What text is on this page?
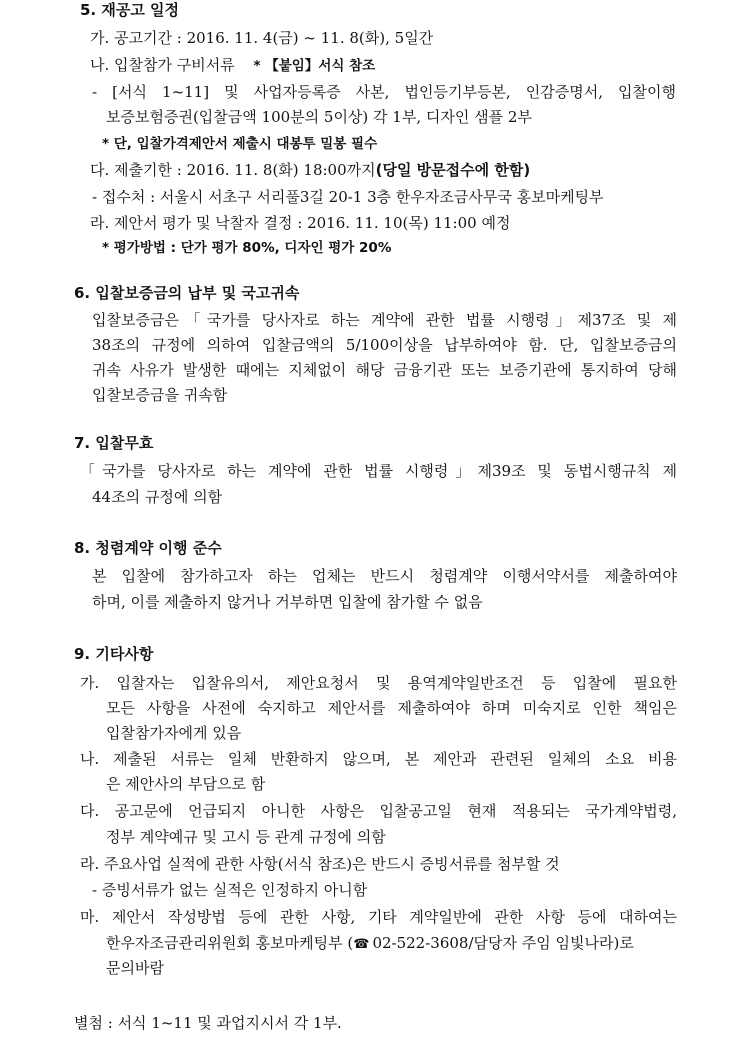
5. 재공고 일정
가. 공고기간 : 2016. 11. 4(금) ~ 11. 8(화), 5일간
나. 입찰참가 구비서류 * 【붙임】서식 참조
- [서식 1~11] 및 사업자등록증 사본, 법인등기부등본, 인감증명서, 입찰이행
보증보험증권(입찰금액 100분의 5이상) 각 1부, 디자인 샘플 2부
* 단, 입찰가격제안서 제출시 대봉투 밀봉 필수
다. 제출기한 : 2016. 11. 8(화) 18:00까지(당일 방문접수에 한함)
- 접수처 : 서울시 서초구 서리풀3길 20-1 3층 한우자조금사무국 홍보마케팅부
라. 제안서 평가 및 낙찰자 결정 : 2016. 11. 10(목) 11:00 예정
* 평가방법 : 단가 평가 80%, 디자인 평가 20%
6. 입찰보증금의 납부 및 국고귀속
입찰보증금은「국가를 당사자로 하는 계약에 관한 법률 시행령」제37조 및 제
38조의 규정에 의하여 입찰금액의 5/100이상을 납부하여야 함. 단, 입찰보증금의
귀속 사유가 발생한 때에는 지체없이 해당 금융기관 또는 보증기관에 통지하여 당해
입찰보증금을 귀속함
7. 입찰무효
「국가를 당사자로 하는 계약에 관한 법률 시행령」제39조 및 동법시행규칙 제
44조의 규정에 의함
8. 청렴계약 이행 준수
본 입찰에 참가하고자 하는 업체는 반드시 청렴계약 이행서약서를 제출하여야
하며, 이를 제출하지 않거나 거부하면 입찰에 참가할 수 없음
9. 기타사항
가. 입찰자는 입찰유의서, 제안요청서 및 용역계약일반조건 등 입찰에 필요한
모든 사항을 사전에 숙지하고 제안서를 제출하여야 하며 미숙지로 인한 책임은
입찰참가자에게 있음
나. 제출된 서류는 일체 반환하지 않으며, 본 제안과 관련된 일체의 소요 비용
은 제안사의 부담으로 함
다. 공고문에 언급되지 아니한 사항은 입찰공고일 현재 적용되는 국가계약법령,
정부 계약예규 및 고시 등 관계 규정에 의함
라. 주요사업 실적에 관한 사항(서식 참조)은 반드시 증빙서류를 첨부할 것
- 증빙서류가 없는 실적은 인정하지 아니함
마. 제안서 작성방법 등에 관한 사항, 기타 계약일반에 관한 사항 등에 대하여는
한우자조금관리위원회 홍보마케팅부 (☎ 02-522-3608/담당자 주임 임빛나라)로
문의바람
별첨 : 서식 1~11 및 과업지시서 각 1부.
